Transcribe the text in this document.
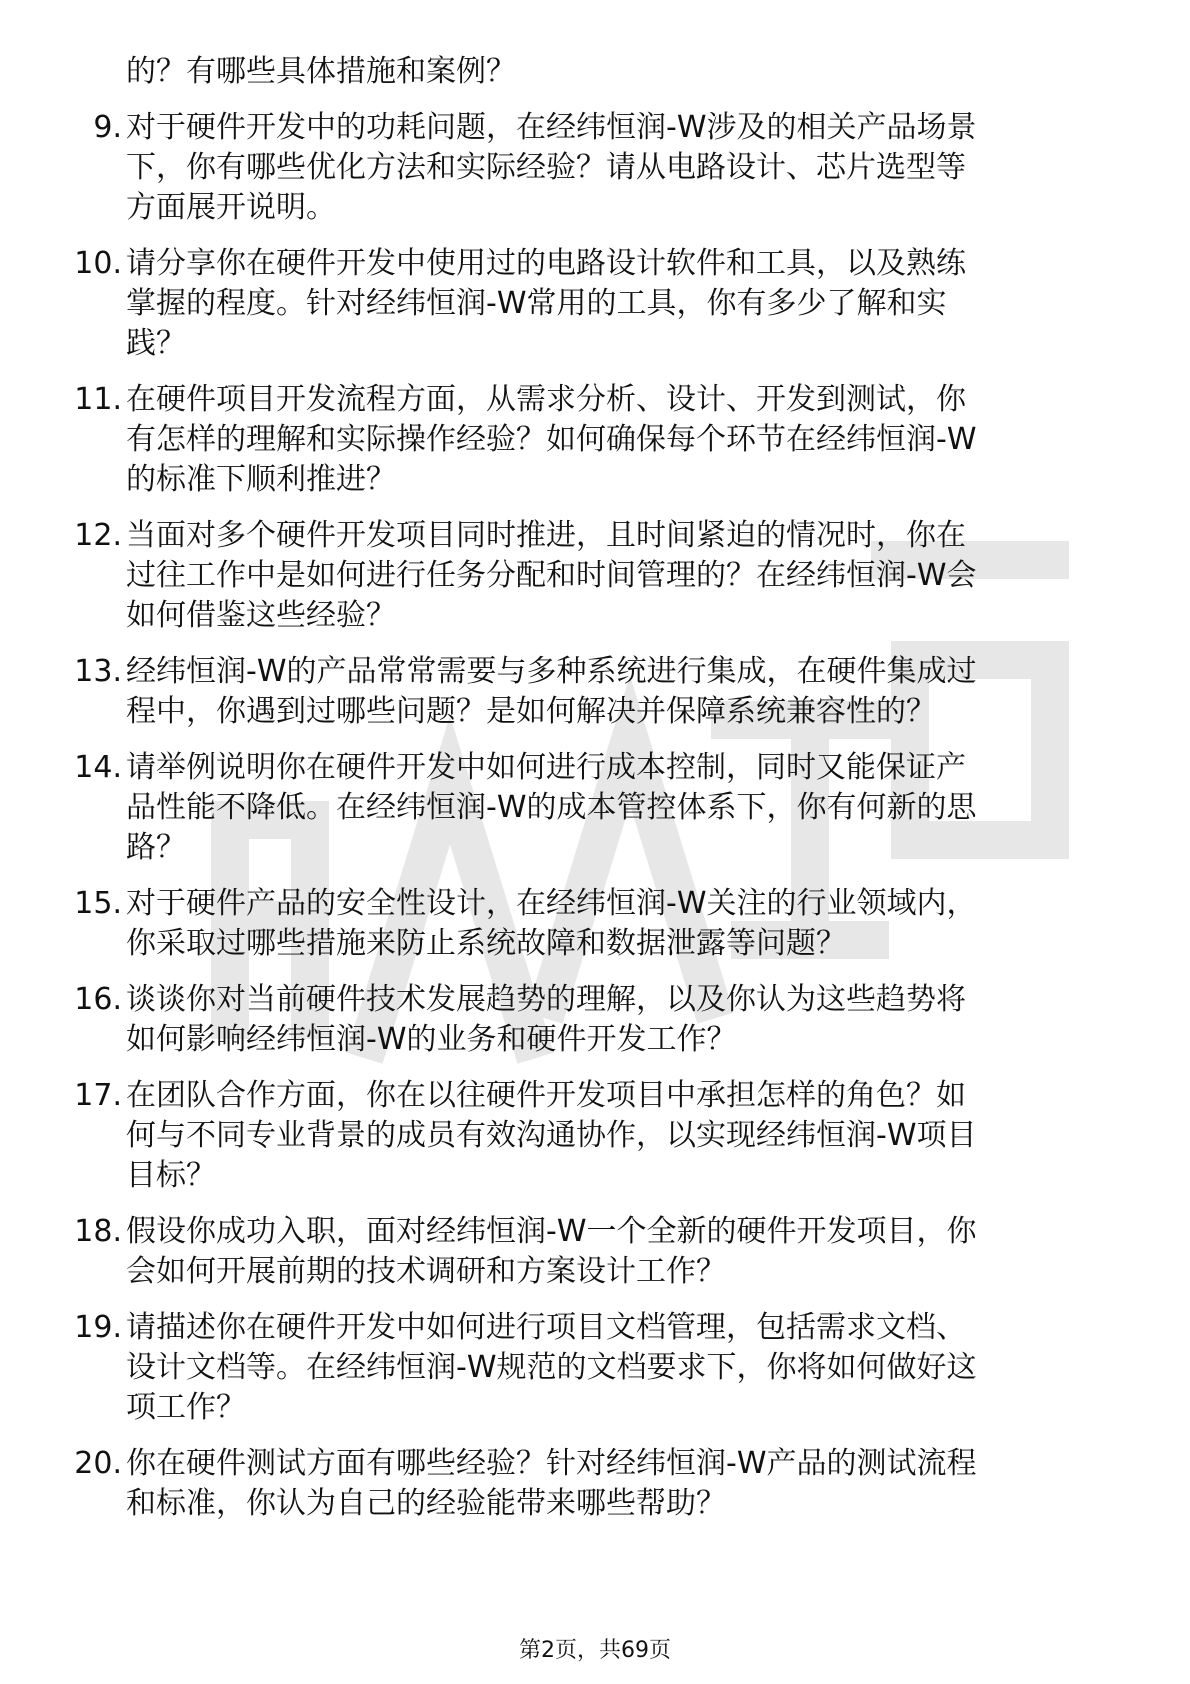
的？有哪些具体措施和案例？
9. 对于硬件开发中的功耗问题，在经纬恒润-W涉及的相关产品场景
下，你有哪些优化方法和实际经验？请从电路设计、芯片选型等
方面展开说明。
10. 请分享你在硬件开发中使用过的电路设计软件和工具，以及熟练
掌握的程度。针对经纬恒润-W常用的工具，你有多少了解和实
践？
11. 在硬件项目开发流程方面，从需求分析、设计、开发到测试，你
有怎样的理解和实际操作经验？如何确保每个环节在经纬恒润-W
的标准下顺利推进？
12. 当面对多个硬件开发项目同时推进，且时间紧迫的情况时，你在
过往工作中是如何进行任务分配和时间管理的？在经纬恒润-W会
如何借鉴这些经验？
13. 经纬恒润-W的产品常常需要与多种系统进行集成，在硬件集成过
程中，你遇到过哪些问题？是如何解决并保障系统兼容性的？
14. 请举例说明你在硬件开发中如何进行成本控制，同时又能保证产
品性能不降低。在经纬恒润-W的成本管控体系下，你有何新的思
路？
15. 对于硬件产品的安全性设计，在经纬恒润-W关注的行业领域内，
你采取过哪些措施来防止系统故障和数据泄露等问题？
16. 谈谈你对当前硬件技术发展趋势的理解，以及你认为这些趋势将
如何影响经纬恒润-W的业务和硬件开发工作？
17. 在团队合作方面，你在以往硬件开发项目中承担怎样的角色？如
何与不同专业背景的成员有效沟通协作，以实现经纬恒润-W项目
目标？
18. 假设你成功入职，面对经纬恒润-W一个全新的硬件开发项目，你
会如何开展前期的技术调研和方案设计工作？
19. 请描述你在硬件开发中如何进行项目文档管理，包括需求文档、
设计文档等。在经纬恒润-W规范的文档要求下，你将如何做好这
项工作？
20. 你在硬件测试方面有哪些经验？针对经纬恒润-W产品的测试流程
和标准，你认为自己的经验能带来哪些帮助？
第2页，共69页
